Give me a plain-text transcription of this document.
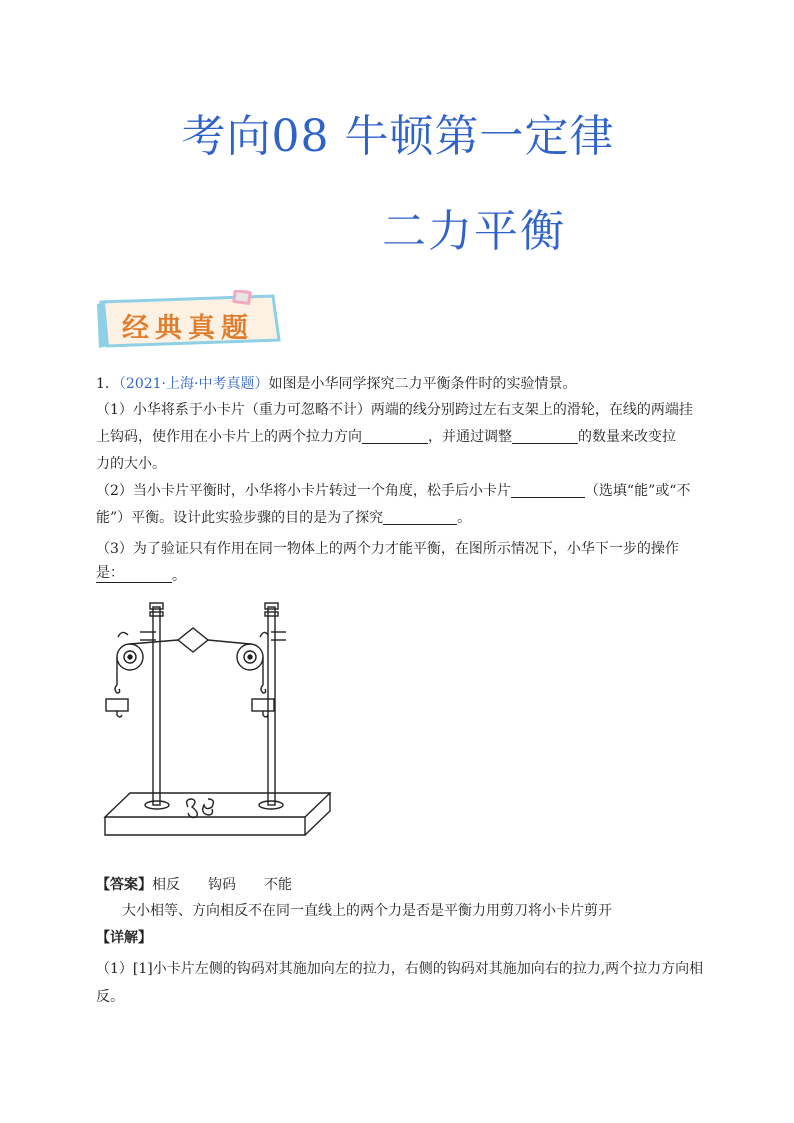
考向08 牛顿第一定律
二力平衡
经典真题
1．（2021·上海·中考真题）如图是小华同学探究二力平衡条件时的实验情景。
（1）小华将系于小卡片（重力可忽略不计）两端的线分别跨过左右支架上的滑轮，在线的两端挂
上钩码，使作用在小卡片上的两个拉力方向	，并通过调整	的数量来改变拉
力的大小。
（2）当小卡片平衡时，小华将小卡片转过一个角度，松手后小卡片	（选填“能”或“不
能”）平衡。设计此实验步骤的目的是为了探究	。
（3）为了验证只有作用在同一物体上的两个力才能平衡，在图所示情况下，小华下一步的操作是：	。
【答案】相反 钩码 不能
大小相等、方向相反不在同一直线上的两个力是否是平衡力用剪刀将小卡片剪开
【详解】
（1）[1]小卡片左侧的钩码对其施加向左的拉力，右侧的钩码对其施加向右的拉力,两个拉力方向相反。
